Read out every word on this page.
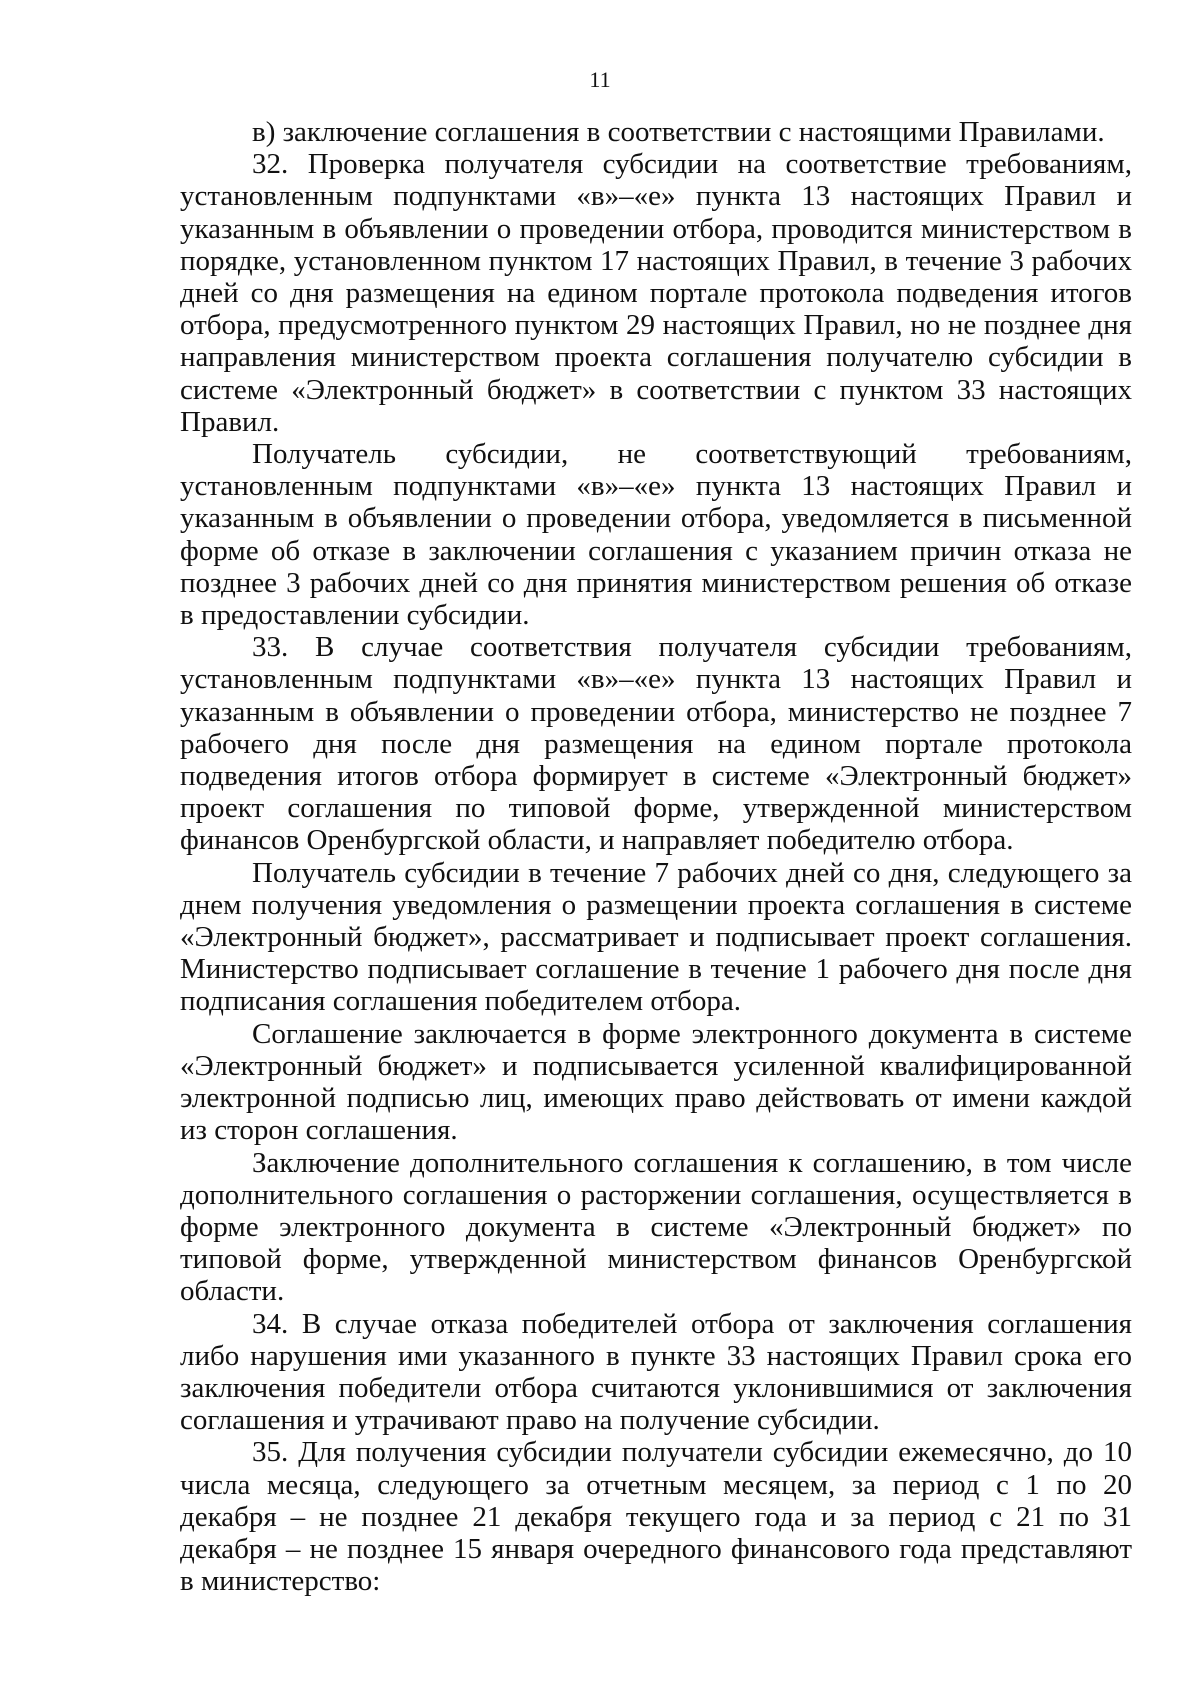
11

в) заключение соглашения в соответствии с настоящими Правилами.

32. Проверка получателя субсидии на соответствие требованиям, установленным подпунктами «в»–«е» пункта 13 настоящих Правил и указанным в объявлении о проведении отбора, проводится министерством в порядке, установленном пунктом 17 настоящих Правил, в течение 3 рабочих дней со дня размещения на едином портале протокола подведения итогов отбора, предусмотренного пунктом 29 настоящих Правил, но не позднее дня направления министерством проекта соглашения получателю субсидии в системе «Электронный бюджет» в соответствии с пунктом 33 настоящих Правил.

Получатель субсидии, не соответствующий требованиям, установленным подпунктами «в»–«е» пункта 13 настоящих Правил и указанным в объявлении о проведении отбора, уведомляется в письменной форме об отказе в заключении соглашения с указанием причин отказа не позднее 3 рабочих дней со дня принятия министерством решения об отказе в предоставлении субсидии.

33. В случае соответствия получателя субсидии требованиям, установленным подпунктами «в»–«е» пункта 13 настоящих Правил и указанным в объявлении о проведении отбора, министерство не позднее 7 рабочего дня после дня размещения на едином портале протокола подведения итогов отбора формирует в системе «Электронный бюджет» проект соглашения по типовой форме, утвержденной министерством финансов Оренбургской области, и направляет победителю отбора.

Получатель субсидии в течение 7 рабочих дней со дня, следующего за днем получения уведомления о размещении проекта соглашения в системе «Электронный бюджет», рассматривает и подписывает проект соглашения. Министерство подписывает соглашение в течение 1 рабочего дня после дня подписания соглашения победителем отбора.

Соглашение заключается в форме электронного документа в системе «Электронный бюджет» и подписывается усиленной квалифицированной электронной подписью лиц, имеющих право действовать от имени каждой из сторон соглашения.

Заключение дополнительного соглашения к соглашению, в том числе дополнительного соглашения о расторжении соглашения, осуществляется в форме электронного документа в системе «Электронный бюджет» по типовой форме, утвержденной министерством финансов Оренбургской области.

34. В случае отказа победителей отбора от заключения соглашения либо нарушения ими указанного в пункте 33 настоящих Правил срока его заключения победители отбора считаются уклонившимися от заключения соглашения и утрачивают право на получение субсидии.

35. Для получения субсидии получатели субсидии ежемесячно, до 10 числа месяца, следующего за отчетным месяцем, за период с 1 по 20 декабря – не позднее 21 декабря текущего года и за период с 21 по 31 декабря – не позднее 15 января очередного финансового года представляют в министерство:
